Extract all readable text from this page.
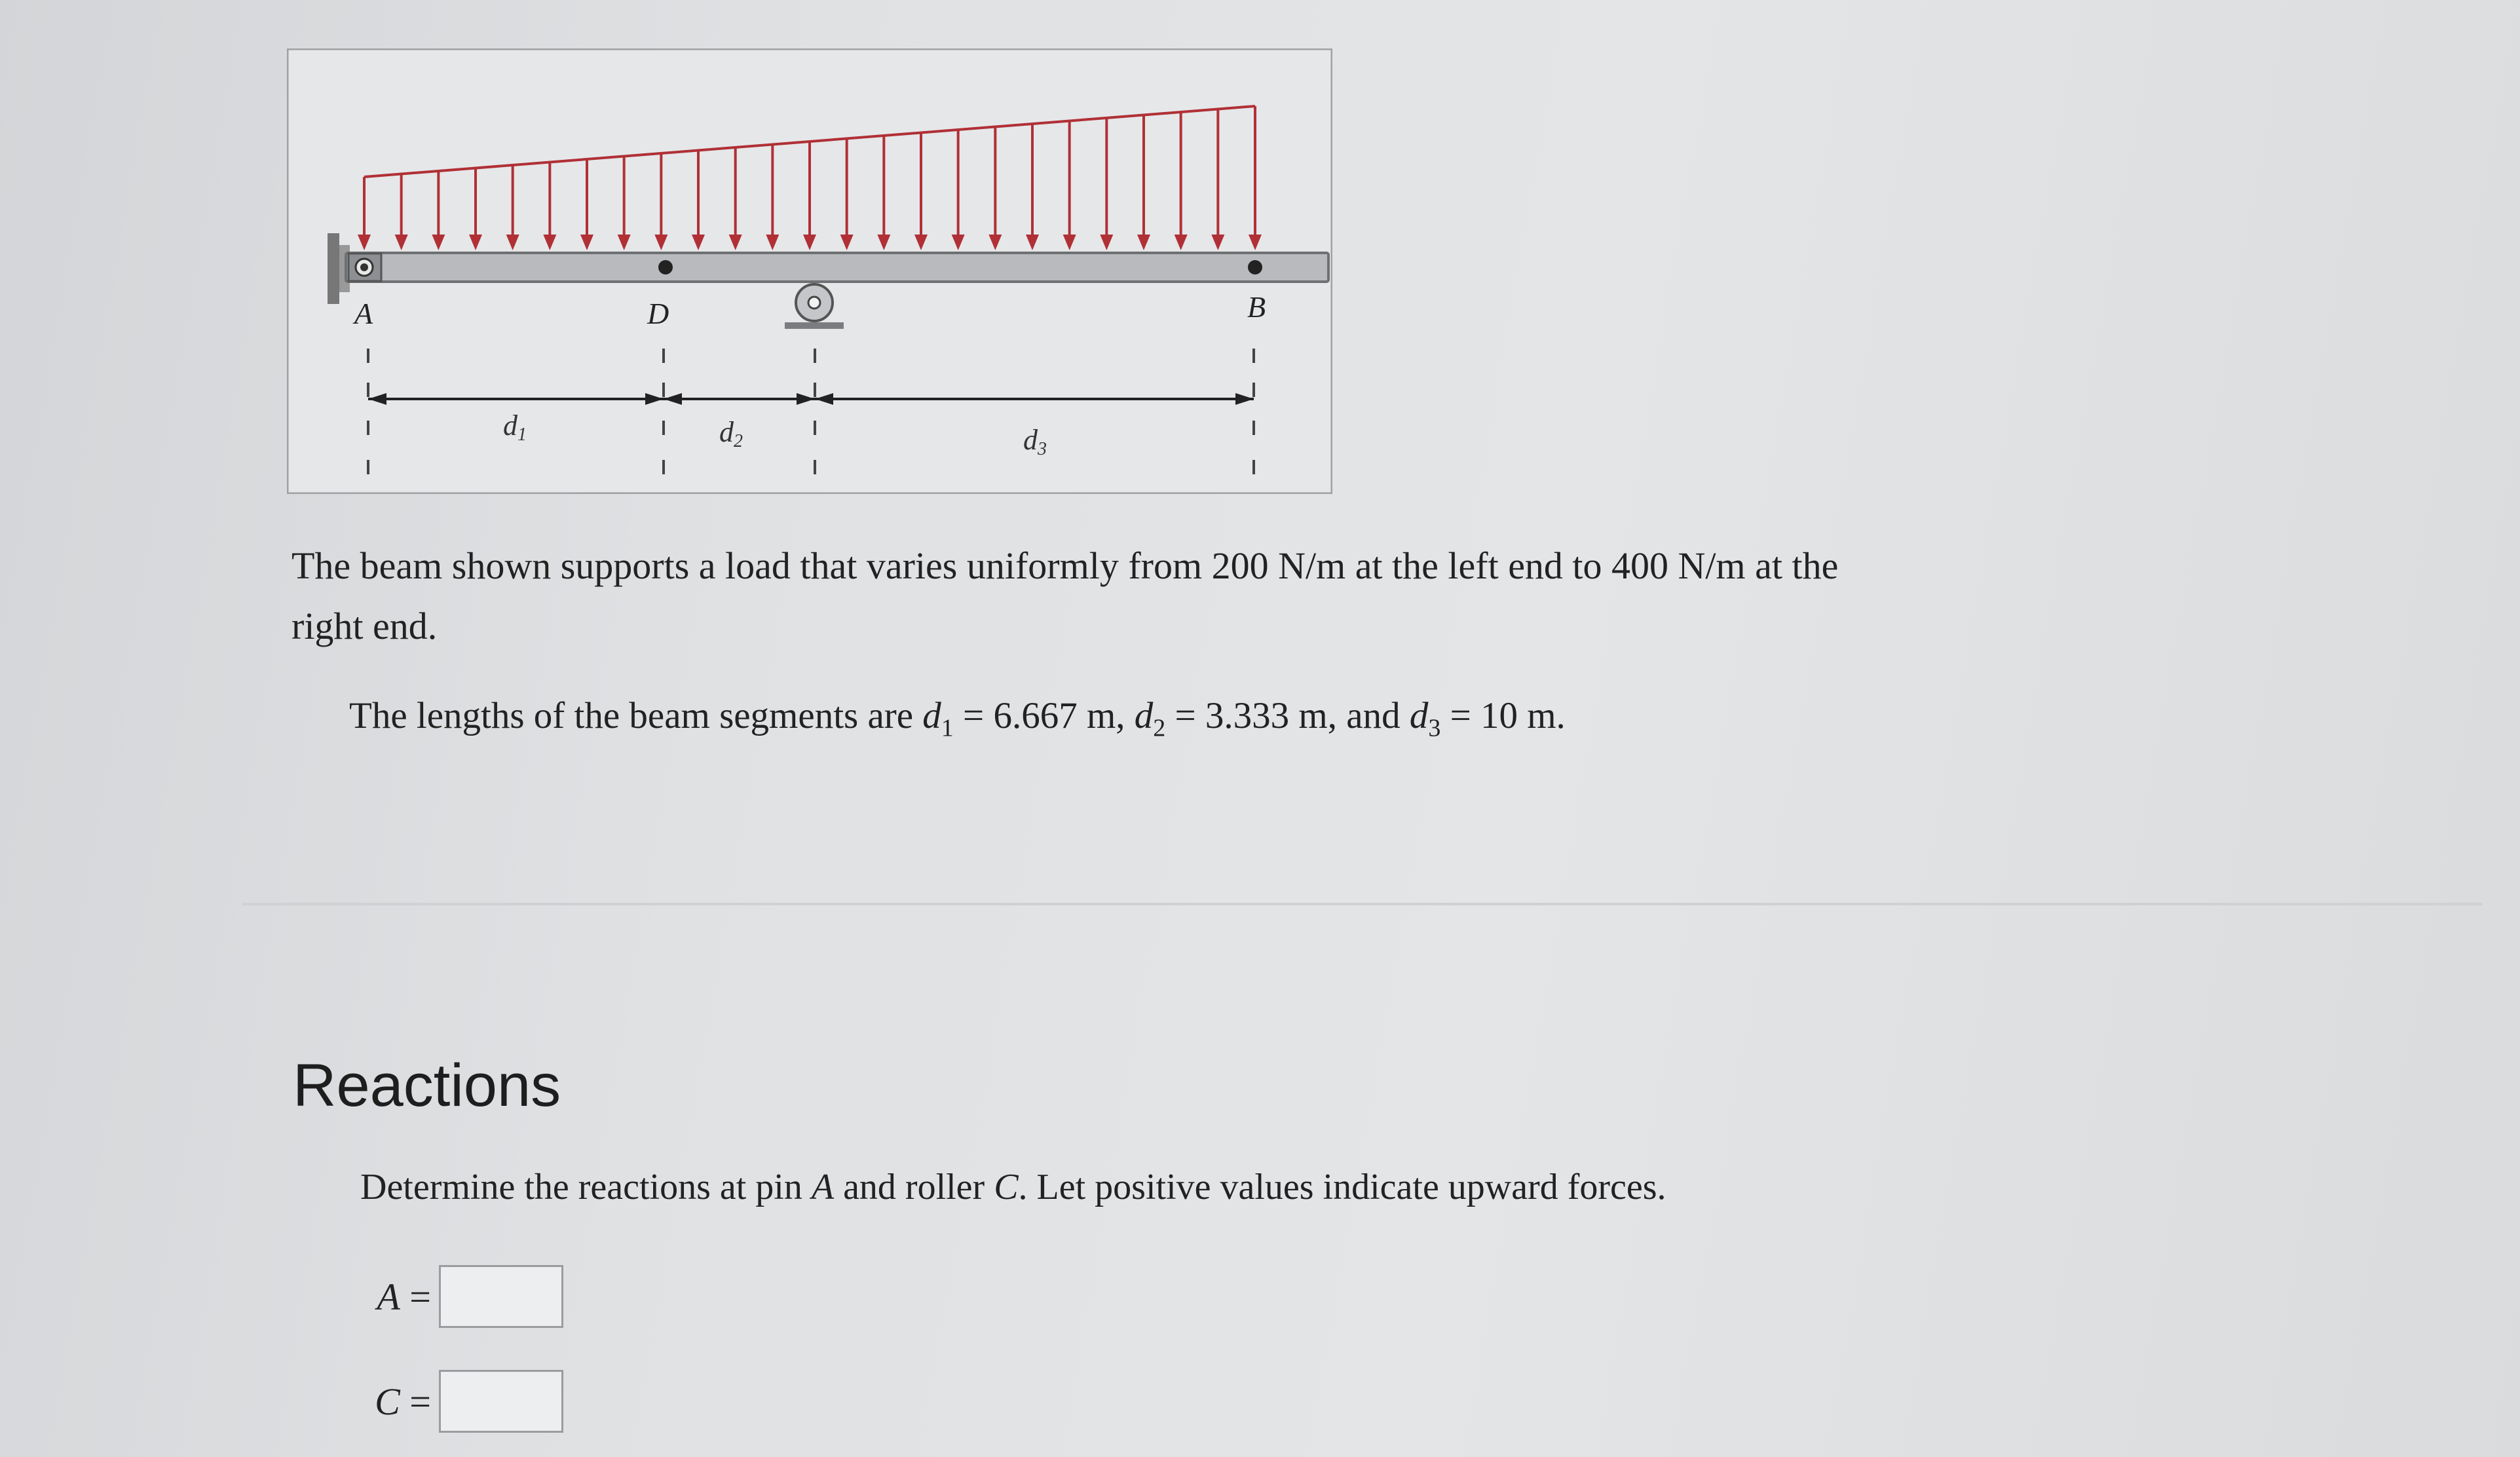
A	D	B
d1	d2	d3
The beam shown supports a load that varies uniformly from 200 N/m at the left end to 400 N/m at the right end.
The lengths of the beam segments are $d_1 = 6.667$ m, $d_2 = 3.333$ m, and $d_3 = 10$ m.
Reactions
Determine the reactions at pin A and roller C. Let positive values indicate upward forces.
A =
C =
